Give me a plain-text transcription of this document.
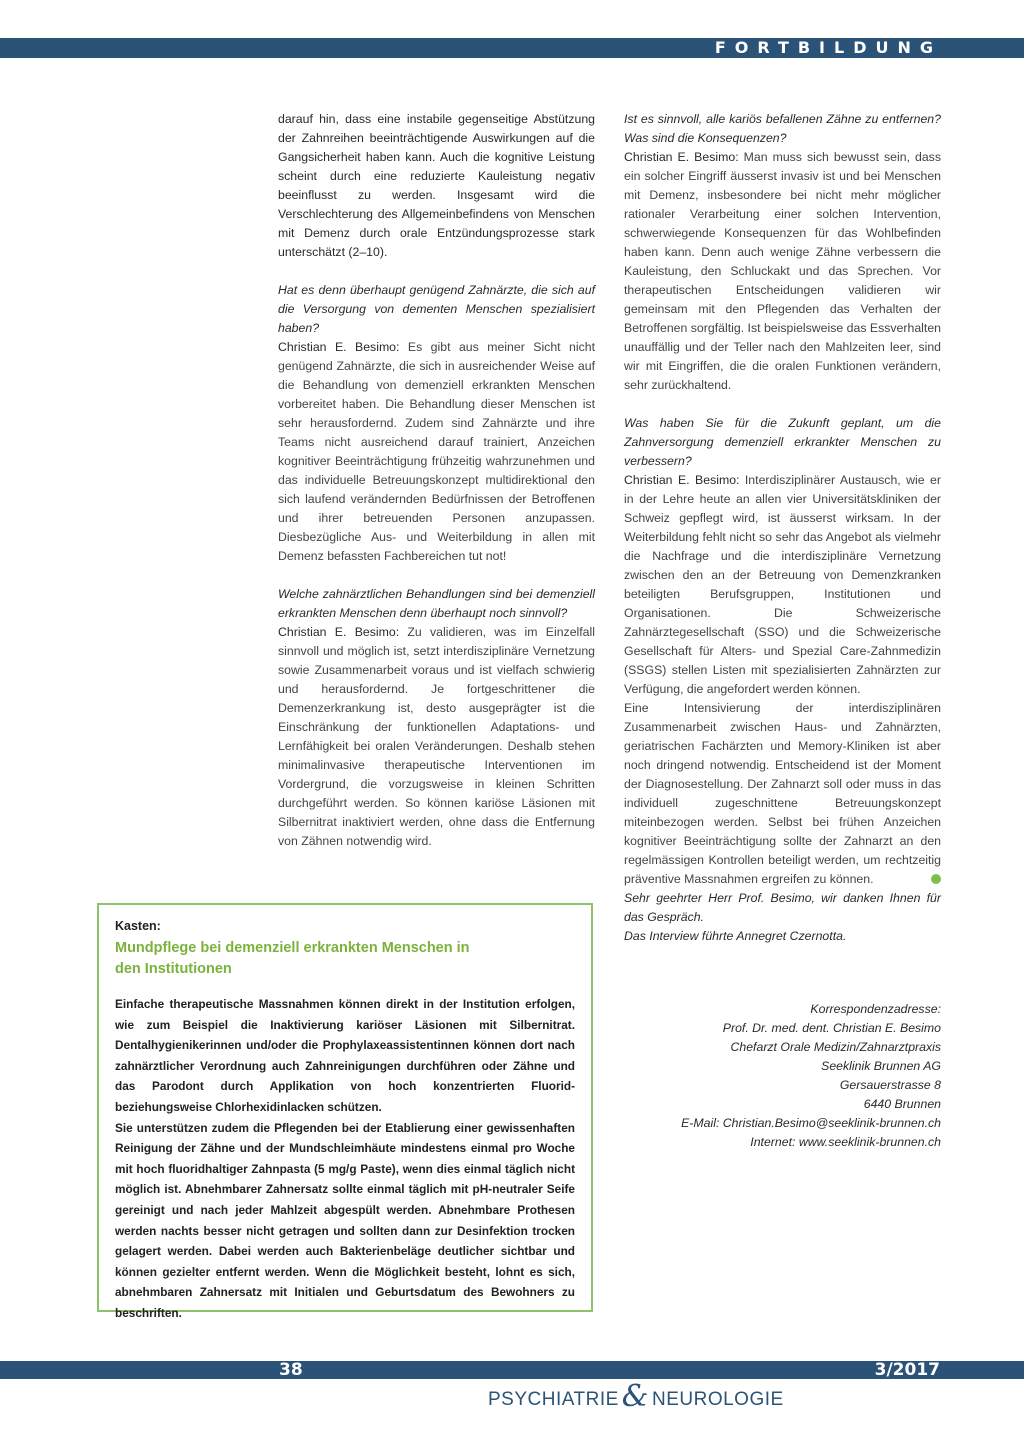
FORTBILDUNG

darauf hin, dass eine instabile gegenseitige Abstützung der Zahnreihen beeinträchtigende Auswirkungen auf die Gangsicherheit haben kann. Auch die kognitive Leistung scheint durch eine reduzierte Kauleistung negativ beeinflusst zu werden. Insgesamt wird die Verschlechterung des Allgemeinbefindens von Menschen mit Demenz durch orale Entzündungsprozesse stark unterschätzt (2–10).

Hat es denn überhaupt genügend Zahnärzte, die sich auf die Versorgung von dementen Menschen spezialisiert haben?

Christian E. Besimo: Es gibt aus meiner Sicht nicht genügend Zahnärzte, die sich in ausreichender Weise auf die Behandlung von demenziell erkrankten Menschen vorbereitet haben. Die Behandlung dieser Menschen ist sehr herausfordernd. Zudem sind Zahnärzte und ihre Teams nicht ausreichend darauf trainiert, Anzeichen kognitiver Beeinträchtigung frühzeitig wahrzunehmen und das individuelle Betreuungskonzept multidirektional den sich laufend verändernden Bedürfnissen der Betroffenen und ihrer betreuenden Personen anzupassen. Diesbezügliche Aus- und Weiterbildung in allen mit Demenz befassten Fachbereichen tut not!

Welche zahnärztlichen Behandlungen sind bei demenziell erkrankten Menschen denn überhaupt noch sinnvoll?

Christian E. Besimo: Zu validieren, was im Einzelfall sinnvoll und möglich ist, setzt interdisziplinäre Vernetzung sowie Zusammenarbeit voraus und ist vielfach schwierig und herausfordernd. Je fortgeschrittener die Demenzerkrankung ist, desto ausgeprägter ist die Einschränkung der funktionellen Adaptations- und Lernfähigkeit bei oralen Veränderungen. Deshalb stehen minimalinvasive therapeutische Interventionen im Vordergrund, die vorzugsweise in kleinen Schritten durchgeführt werden. So können kariöse Läsionen mit Silbernitrat inaktiviert werden, ohne dass die Entfernung von Zähnen notwendig wird.

Ist es sinnvoll, alle kariös befallenen Zähne zu entfernen? Was sind die Konsequenzen?

Christian E. Besimo: Man muss sich bewusst sein, dass ein solcher Eingriff äusserst invasiv ist und bei Menschen mit Demenz, insbesondere bei nicht mehr möglicher rationaler Verarbeitung einer solchen Intervention, schwerwiegende Konsequenzen für das Wohlbefinden haben kann. Denn auch wenige Zähne verbessern die Kauleistung, den Schluckakt und das Sprechen. Vor therapeutischen Entscheidungen validieren wir gemeinsam mit den Pflegenden das Verhalten der Betroffenen sorgfältig. Ist beispielsweise das Essverhalten unauffällig und der Teller nach den Mahlzeiten leer, sind wir mit Eingriffen, die die oralen Funktionen verändern, sehr zurückhaltend.

Was haben Sie für die Zukunft geplant, um die Zahnversorgung demenziell erkrankter Menschen zu verbessern?

Christian E. Besimo: Interdisziplinärer Austausch, wie er in der Lehre heute an allen vier Universitätskliniken der Schweiz gepflegt wird, ist äusserst wirksam. In der Weiterbildung fehlt nicht so sehr das Angebot als vielmehr die Nachfrage und die interdisziplinäre Vernetzung zwischen den an der Betreuung von Demenzkranken beteiligten Berufsgruppen, Institutionen und Organisationen. Die Schweizerische Zahnärztegesellschaft (SSO) und die Schweizerische Gesellschaft für Alters- und Spezial Care-Zahnmedizin (SSGS) stellen Listen mit spezialisierten Zahnärzten zur Verfügung, die angefordert werden können.

Eine Intensivierung der interdisziplinären Zusammenarbeit zwischen Haus- und Zahnärzten, geriatrischen Fachärzten und Memory-Kliniken ist aber noch dringend notwendig. Entscheidend ist der Moment der Diagnosestellung. Der Zahnarzt soll oder muss in das individuell zugeschnittene Betreuungskonzept miteinbezogen werden. Selbst bei frühen Anzeichen kognitiver Beeinträchtigung sollte der Zahnarzt an den regelmässigen Kontrollen beteiligt werden, um rechtzeitig präventive Massnahmen ergreifen zu können.

Sehr geehrter Herr Prof. Besimo, wir danken Ihnen für das Gespräch.

Das Interview führte Annegret Czernotta.

Korrespondenzadresse:
Prof. Dr. med. dent. Christian E. Besimo
Chefarzt Orale Medizin/Zahnarztpraxis
Seeklinik Brunnen AG
Gersauerstrasse 8
6440 Brunnen
E-Mail: Christian.Besimo@seeklinik-brunnen.ch
Internet: www.seeklinik-brunnen.ch
Kasten:
Mundpflege bei demenziell erkrankten Menschen in den Institutionen

Einfache therapeutische Massnahmen können direkt in der Institution erfolgen, wie zum Beispiel die Inaktivierung kariöser Läsionen mit Silbernitrat. Dentalhygienikerinnen und/oder die Prophylaxeassistentinnen können dort nach zahnärztlicher Verordnung auch Zahnreinigungen durchführen oder Zähne und das Parodont durch Applikation von hoch konzentrierten Fluorid- beziehungsweise Chlorhexidinlacken schützen.

Sie unterstützen zudem die Pflegenden bei der Etablierung einer gewissenhaften Reinigung der Zähne und der Mundschleimhäute mindestens einmal pro Woche mit hoch fluoridhaltiger Zahnpasta (5 mg/g Paste), wenn dies einmal täglich nicht möglich ist. Abnehmbarer Zahnersatz sollte einmal täglich mit pH-neutraler Seife gereinigt und nach jeder Mahlzeit abgespült werden. Abnehmbare Prothesen werden nachts besser nicht getragen und sollten dann zur Desinfektion trocken gelagert werden. Dabei werden auch Bakterienbeläge deutlicher sichtbar und können gezielter entfernt werden. Wenn die Möglichkeit besteht, lohnt es sich, abnehmbaren Zahnersatz mit Initialen und Geburtsdatum des Bewohners zu beschriften.

38	3/2017
PSYCHIATRIE & NEUROLOGIE
